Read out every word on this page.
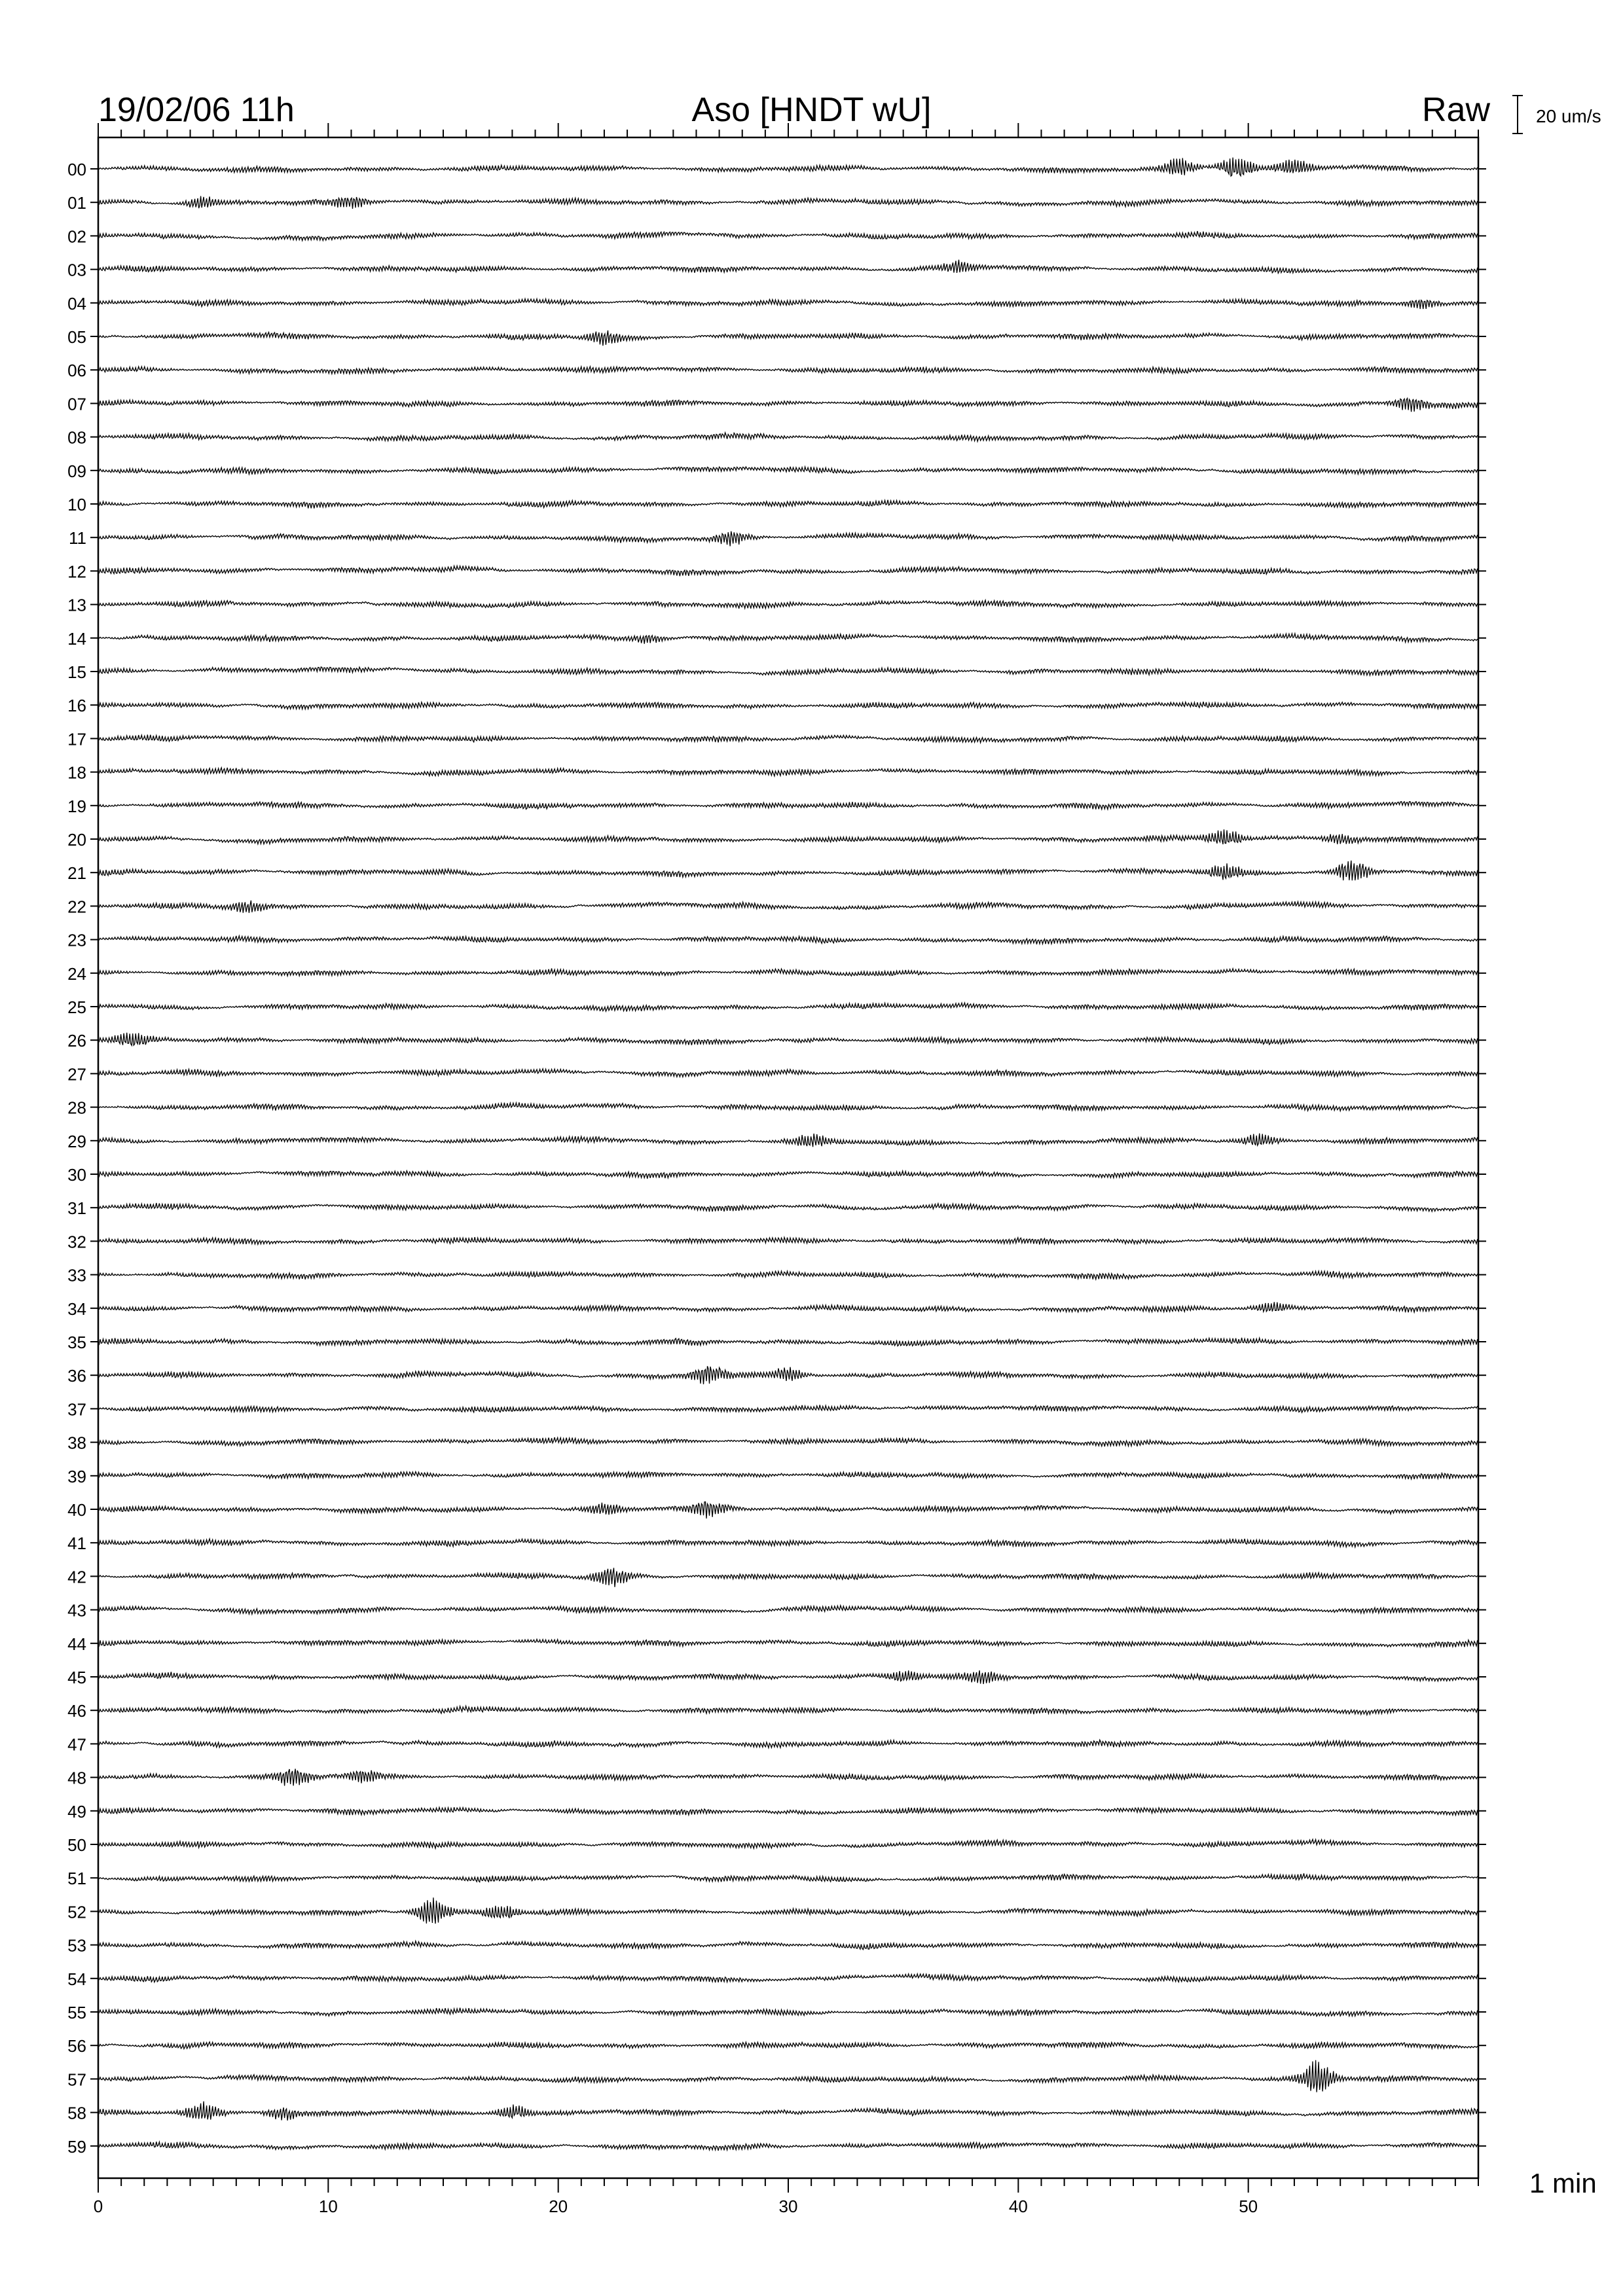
19/02/06 11h	Aso [HNDT wU]	Raw	20 um/s
1 min
00
01
02
03
04
05
06
07
08
09
10
11
12
13
14
15
16
17
18
19
20
21
22
23
24
25
26
27
28
29
30
31
32
33
34
35
36
37
38
39
40
41
42
43
44
45
46
47
48
49
50
51
52
53
54
55
56
57
58
59
0	10	20	30	40	50
